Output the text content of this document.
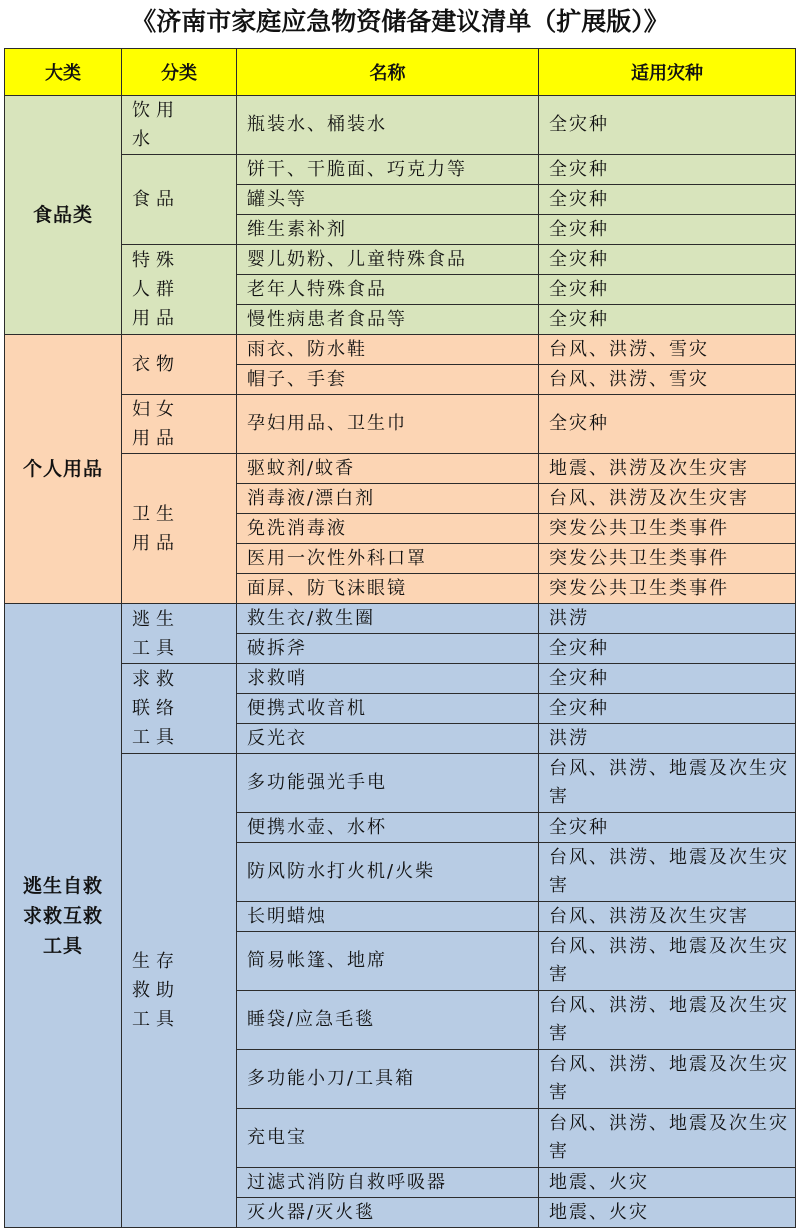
《济南市家庭应急物资储备建议清单（扩展版）》
大类	分类	名称	适用灾种
食品类	饮用水	瓶装水、桶装水	全灾种

	食品	饼干、干脆面、巧克力等	全灾种
		罐头等	全灾种
		维生素补剂	全灾种

	特殊人群用品	婴儿奶粉、儿童特殊食品	全灾种
		老年人特殊食品	全灾种
		慢性病患者食品等	全灾种
个人用品	衣物	雨衣、防水鞋	台风、洪涝、雪灾
		帽子、手套	台风、洪涝、雪灾

	妇女用品	孕妇用品、卫生巾	全灾种

	卫生用品	驱蚊剂/蚊香	地震、洪涝及次生灾害
		消毒液/漂白剂	台风、洪涝及次生灾害
		免洗消毒液	突发公共卫生类事件
		医用一次性外科口罩	突发公共卫生类事件
		面屏、防飞沫眼镜	突发公共卫生类事件
逃生自救求救互救工具	逃生工具	救生衣/救生圈	洪涝
		破拆斧	全灾种

	求救联络工具	求救哨	全灾种
		便携式收音机	全灾种
		反光衣	洪涝

	生存救助工具	多功能强光手电	台风、洪涝、地震及次生灾害
		便携水壶、水杯	全灾种
		防风防水打火机/火柴	台风、洪涝、地震及次生灾害
		长明蜡烛	台风、洪涝及次生灾害
		简易帐篷、地席	台风、洪涝、地震及次生灾害
		睡袋/应急毛毯	台风、洪涝、地震及次生灾害
		多功能小刀/工具箱	台风、洪涝、地震及次生灾害
		充电宝	台风、洪涝、地震及次生灾害
		过滤式消防自救呼吸器	地震、火灾
		灭火器/灭火毯	地震、火灾
